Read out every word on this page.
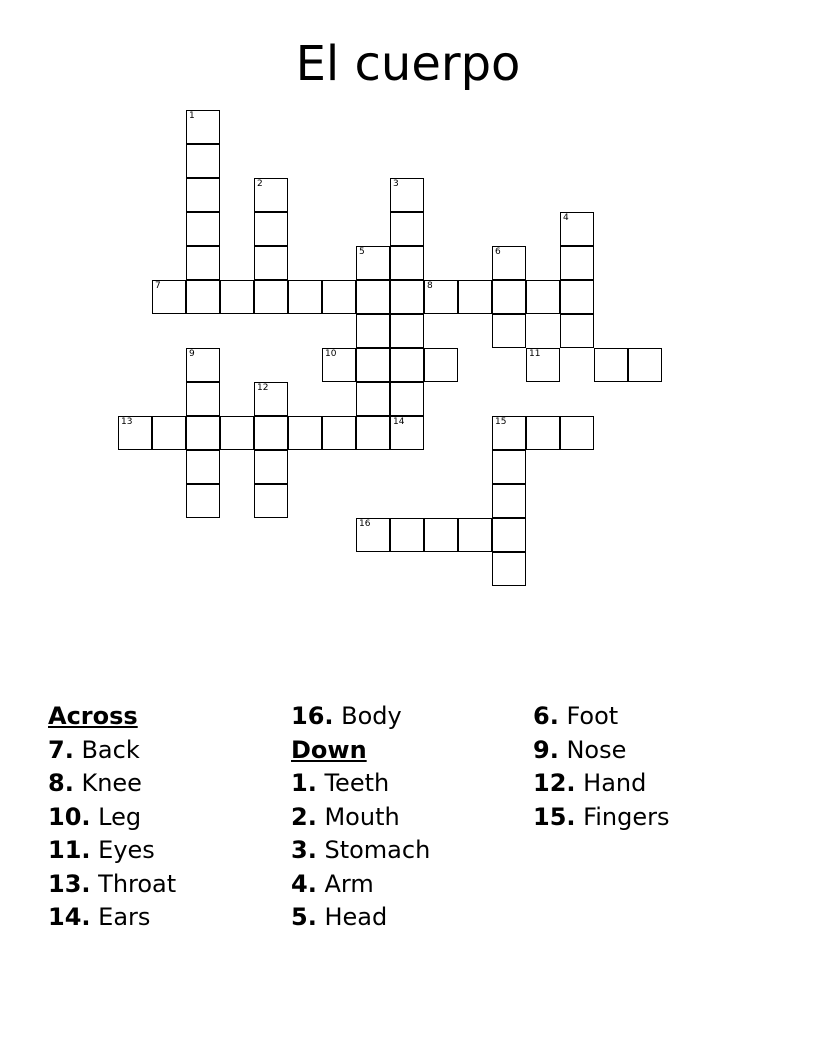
El cuerpo
1
2	3
4
5	6
7	8
9	10	11
12
13	14	15
16
Across
7. Back
8. Knee
10. Leg
11. Eyes
13. Throat
14. Ears
16. Body
Down
1. Teeth
2. Mouth
3. Stomach
4. Arm
5. Head
6. Foot
9. Nose
12. Hand
15. Fingers
